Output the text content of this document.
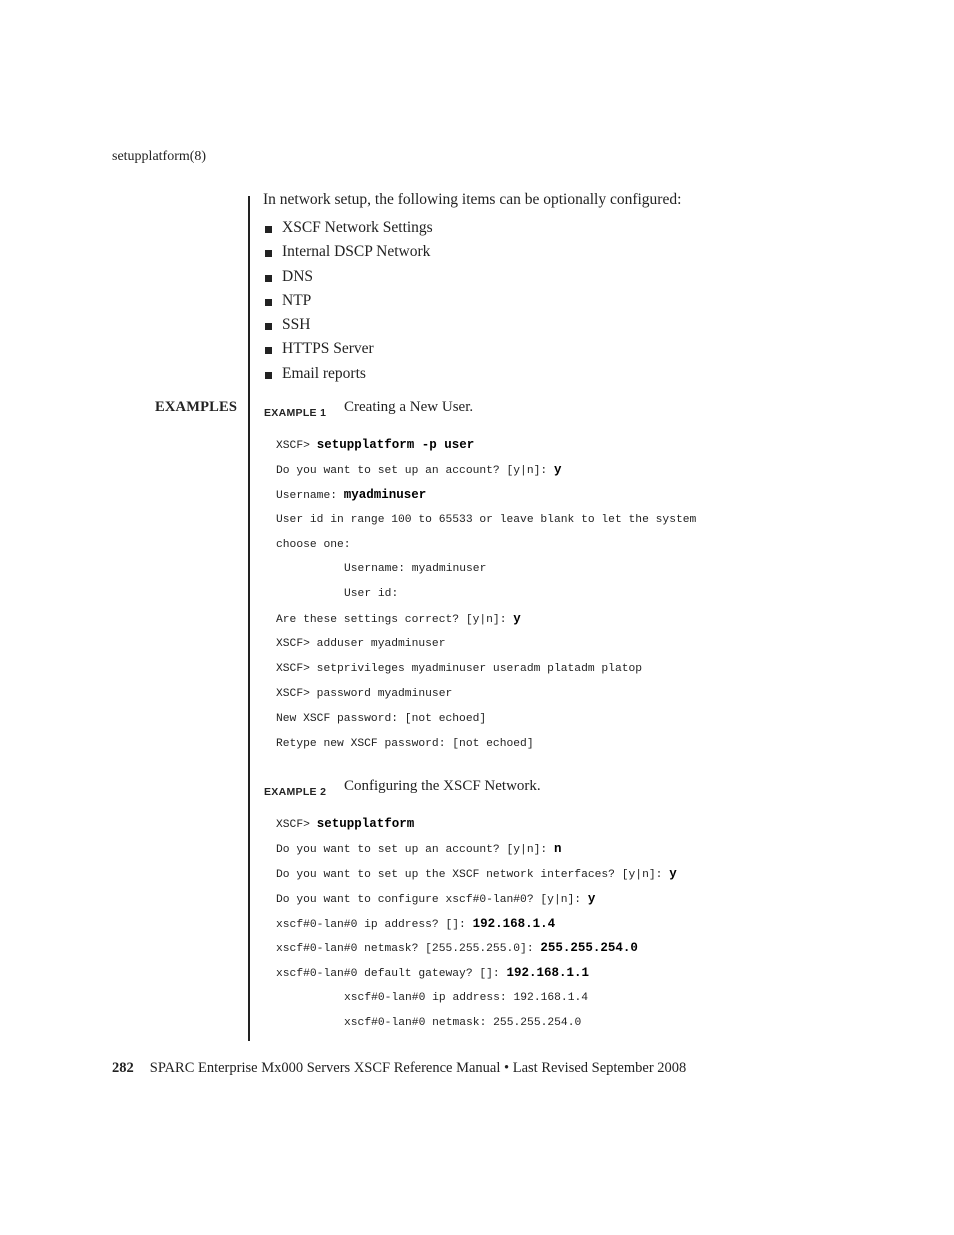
setupplatform(8)
In network setup, the following items can be optionally configured:
XSCF Network Settings
Internal DSCP Network
DNS
NTP
SSH
HTTPS Server
Email reports
EXAMPLES	EXAMPLE 1 Creating a New User.
XSCF> setupplatform -p user
Do you want to set up an account? [y|n]: y
Username: myadminuser
User id in range 100 to 65533 or leave blank to let the system
choose one:
Username: myadminuser
User id:
Are these settings correct? [y|n]: y
XSCF> adduser myadminuser
XSCF> setprivileges myadminuser useradm platadm platop
XSCF> password myadminuser
New XSCF password: [not echoed]
Retype new XSCF password: [not echoed]
EXAMPLE 2 Configuring the XSCF Network.
XSCF> setupplatform
Do you want to set up an account? [y|n]: n
Do you want to set up the XSCF network interfaces? [y|n]: y
Do you want to configure xscf#0-lan#0? [y|n]: y
xscf#0-lan#0 ip address? []: 192.168.1.4
xscf#0-lan#0 netmask? [255.255.255.0]: 255.255.254.0
xscf#0-lan#0 default gateway? []: 192.168.1.1
xscf#0-lan#0 ip address: 192.168.1.4
xscf#0-lan#0 netmask: 255.255.254.0
282 SPARC Enterprise Mx000 Servers XSCF Reference Manual • Last Revised September 2008
